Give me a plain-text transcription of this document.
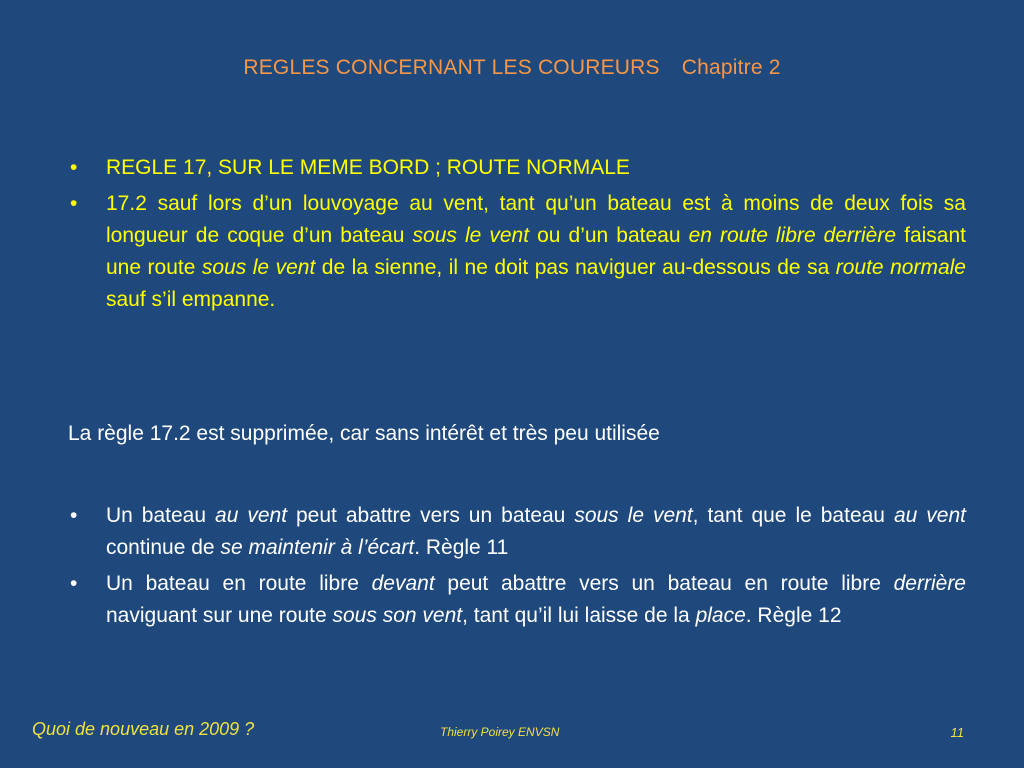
REGLES CONCERNANT LES COUREURS Chapitre 2
• REGLE 17, SUR LE MEME BORD ; ROUTE NORMALE
• 17.2 sauf lors d’un louvoyage au vent, tant qu’un bateau est à moins de deux fois sa longueur de coque d’un bateau sous le vent ou d’un bateau en route libre derrière faisant une route sous le vent de la sienne, il ne doit pas naviguer au-dessous de sa route normale sauf s’il empanne.
La règle 17.2 est supprimée, car sans intérêt et très peu utilisée
• Un bateau au vent peut abattre vers un bateau sous le vent, tant que le bateau au vent continue de se maintenir à l’écart. Règle 11
• Un bateau en route libre devant peut abattre vers un bateau en route libre derrière naviguant sur une route sous son vent, tant qu’il lui laisse de la place. Règle 12
Quoi de nouveau en 2009 ?	Thierry Poirey ENVSN	11
